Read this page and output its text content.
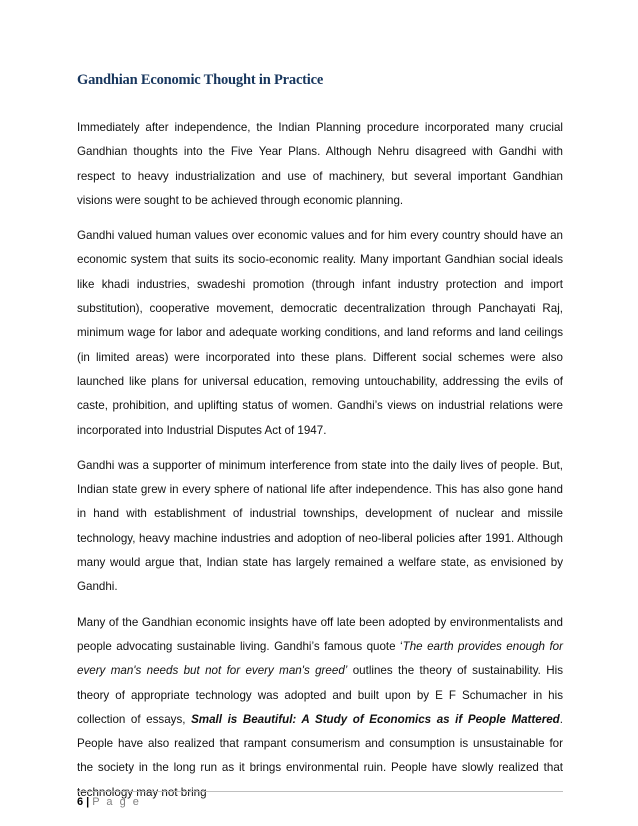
Gandhian Economic Thought in Practice

Immediately after independence, the Indian Planning procedure incorporated many crucial Gandhian thoughts into the Five Year Plans. Although Nehru disagreed with Gandhi with respect to heavy industrialization and use of machinery, but several important Gandhian visions were sought to be achieved through economic planning.

Gandhi valued human values over economic values and for him every country should have an economic system that suits its socio-economic reality. Many important Gandhian social ideals like khadi industries, swadeshi promotion (through infant industry protection and import substitution), cooperative movement, democratic decentralization through Panchayati Raj, minimum wage for labor and adequate working conditions, and land reforms and land ceilings (in limited areas) were incorporated into these plans. Different social schemes were also launched like plans for universal education, removing untouchability, addressing the evils of caste, prohibition, and uplifting status of women. Gandhi’s views on industrial relations were incorporated into Industrial Disputes Act of 1947.

Gandhi was a supporter of minimum interference from state into the daily lives of people. But, Indian state grew in every sphere of national life after independence. This has also gone hand in hand with establishment of industrial townships, development of nuclear and missile technology, heavy machine industries and adoption of neo-liberal policies after 1991. Although many would argue that, Indian state has largely remained a welfare state, as envisioned by Gandhi.

Many of the Gandhian economic insights have off late been adopted by environmentalists and people advocating sustainable living. Gandhi’s famous quote ‘The earth provides enough for every man's needs but not for every man's greed’ outlines the theory of sustainability. His theory of appropriate technology was adopted and built upon by E F Schumacher in his collection of essays, Small is Beautiful: A Study of Economics as if People Mattered. People have also realized that rampant consumerism and consumption is unsustainable for the society in the long run as it brings environmental ruin. People have slowly realized that technology may not bring

6 | P a g e
